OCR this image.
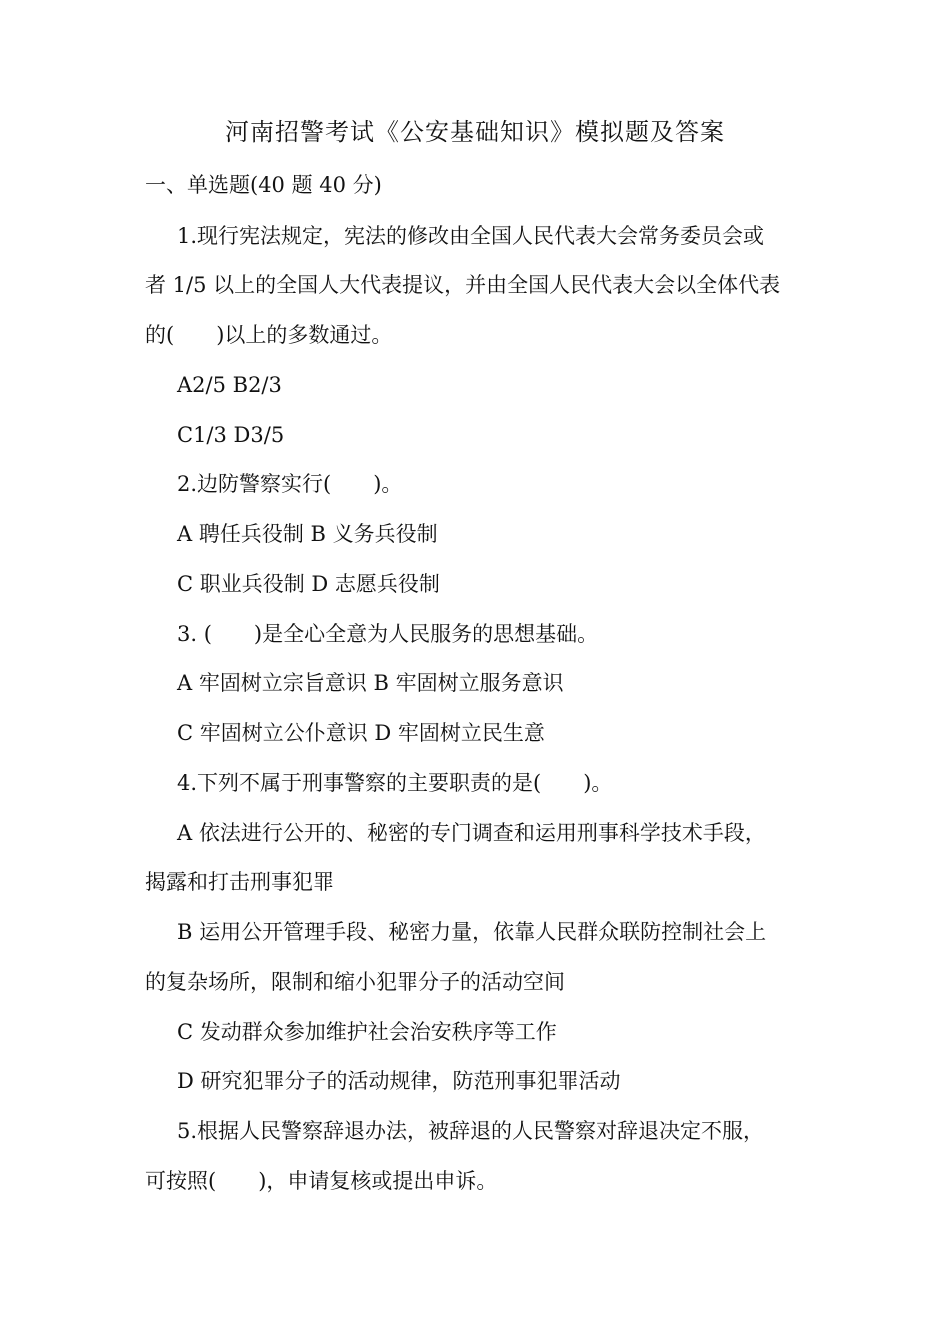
河南招警考试《公安基础知识》模拟题及答案
一、单选题(40 题 40 分)
1.现行宪法规定，宪法的修改由全国人民代表大会常务委员会或
者 1/5 以上的全国人大代表提议，并由全国人民代表大会以全体代表
的(　　)以上的多数通过。
A2/5 B2/3
C1/3 D3/5
2.边防警察实行(　　)。
A 聘任兵役制 B 义务兵役制
C 职业兵役制 D 志愿兵役制
3. (　　)是全心全意为人民服务的思想基础。
A 牢固树立宗旨意识 B 牢固树立服务意识
C 牢固树立公仆意识 D 牢固树立民生意
4.下列不属于刑事警察的主要职责的是(　　)。
A 依法进行公开的、秘密的专门调查和运用刑事科学技术手段，
揭露和打击刑事犯罪
B 运用公开管理手段、秘密力量，依靠人民群众联防控制社会上
的复杂场所，限制和缩小犯罪分子的活动空间
C 发动群众参加维护社会治安秩序等工作
D 研究犯罪分子的活动规律，防范刑事犯罪活动
5.根据人民警察辞退办法，被辞退的人民警察对辞退决定不服，
可按照(　　)，申请复核或提出申诉。
